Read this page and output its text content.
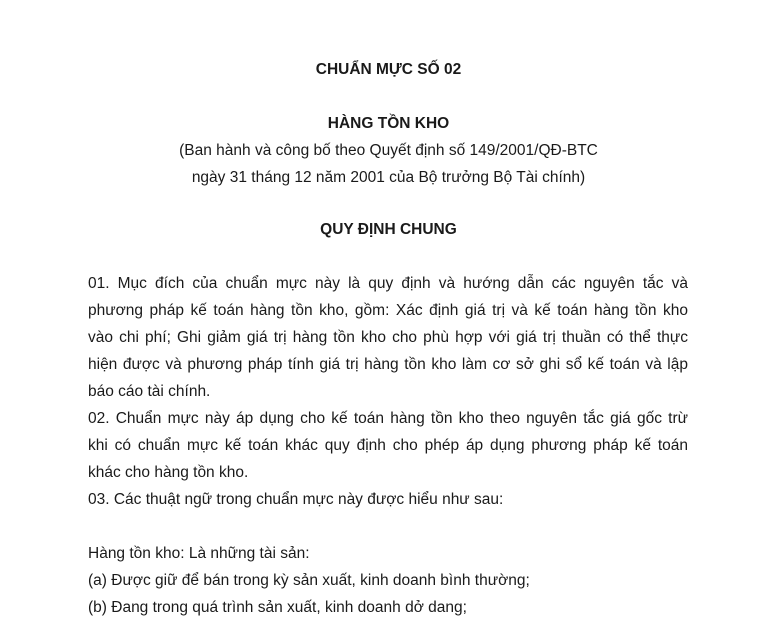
CHUẨN MỰC SỐ 02
HÀNG TỒN KHO
(Ban hành và công bố theo Quyết định số 149/2001/QĐ-BTC
ngày 31 tháng 12 năm 2001 của Bộ trưởng Bộ Tài chính)
QUY ĐỊNH CHUNG
01. Mục đích của chuẩn mực này là quy định và hướng dẫn các nguyên tắc và
phương pháp kế toán hàng tồn kho, gồm: Xác định giá trị và kế toán hàng tồn kho
vào chi phí; Ghi giảm giá trị hàng tồn kho cho phù hợp với giá trị thuần có thể thực
hiện được và phương pháp tính giá trị hàng tồn kho làm cơ sở ghi sổ kế toán và lập
báo cáo tài chính.
02. Chuẩn mực này áp dụng cho kế toán hàng tồn kho theo nguyên tắc giá gốc trừ
khi có chuẩn mực kế toán khác quy định cho phép áp dụng phương pháp kế toán
khác cho hàng tồn kho.
03. Các thuật ngữ trong chuẩn mực này được hiểu như sau:
Hàng tồn kho: Là những tài sản:
(a) Được giữ để bán trong kỳ sản xuất, kinh doanh bình thường;
(b) Đang trong quá trình sản xuất, kinh doanh dở dang;
